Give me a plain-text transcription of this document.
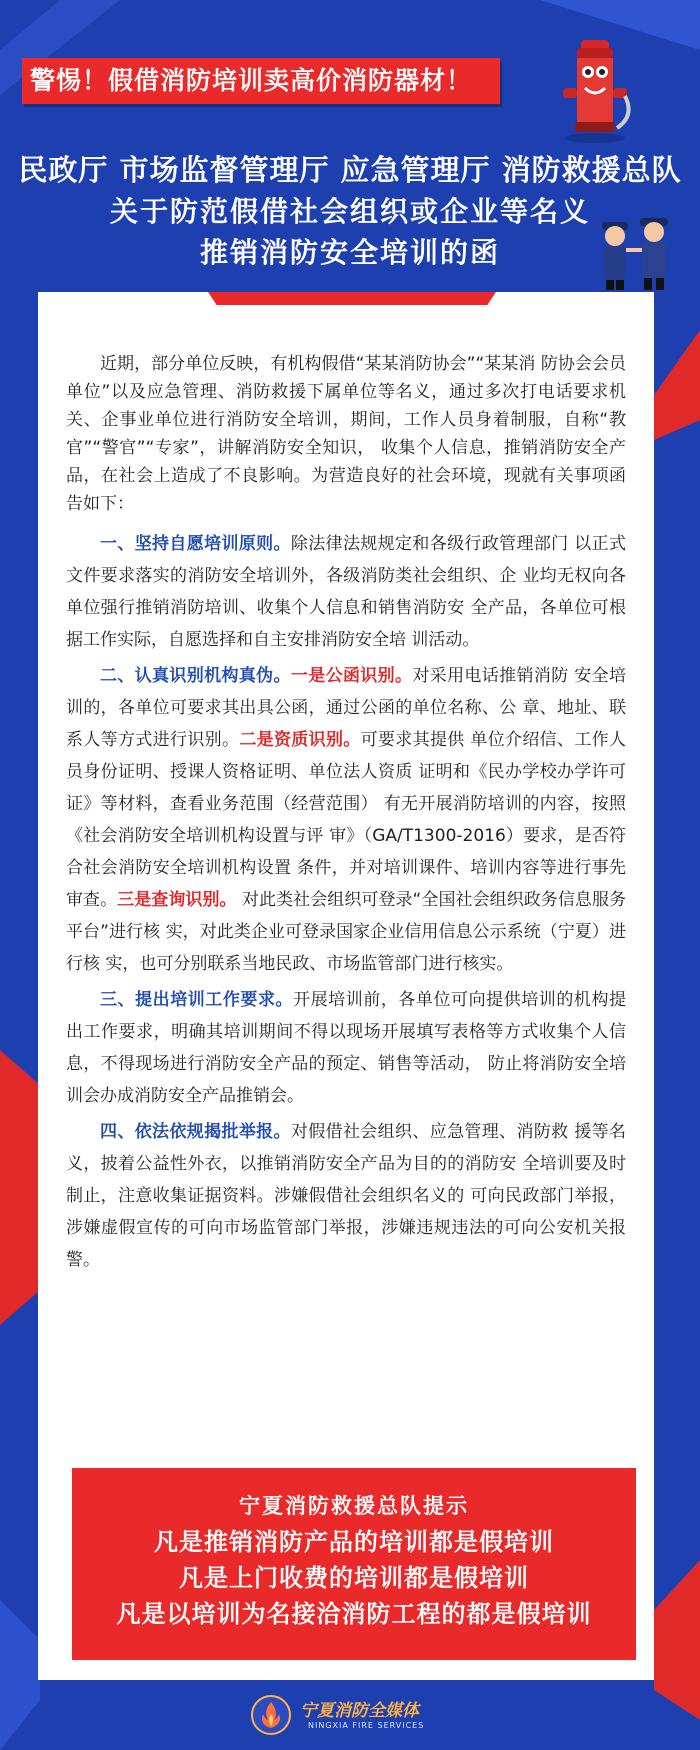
警惕！假借消防培训卖高价消防器材！
民政厅 市场监督管理厅 应急管理厅 消防救援总队
关于防范假借社会组织或企业等名义
推销消防安全培训的函

近期，部分单位反映，有机构假借“某某消防协会”“某某消 防协会会员单位”以及应急管理、消防救援下属单位等名义，通过多次打电话要求机关、企事业单位进行消防安全培训，期间，工作人员身着制服，自称“教官”“警官”“专家”，讲解消防安全知识， 收集个人信息，推销消防安全产品，在社会上造成了不良影响。为营造良好的社会环境，现就有关事项函告如下：

一、坚持自愿培训原则。除法律法规规定和各级行政管理部门 以正式文件要求落实的消防安全培训外，各级消防类社会组织、企 业均无权向各单位强行推销消防培训、收集个人信息和销售消防安 全产品，各单位可根据工作实际，自愿选择和自主安排消防安全培 训活动。

二、认真识别机构真伪。一是公函识别。对采用电话推销消防 安全培训的，各单位可要求其出具公函，通过公函的单位名称、公 章、地址、联系人等方式进行识别。二是资质识别。可要求其提供 单位介绍信、工作人员身份证明、授课人资格证明、单位法人资质 证明和《民办学校办学许可证》等材料，查看业务范围（经营范围） 有无开展消防培训的内容，按照《社会消防安全培训机构设置与评 审》（GA/T1300-2016）要求，是否符合社会消防安全培训机构设置 条件，并对培训课件、培训内容等进行事先审查。三是查询识别。 对此类社会组织可登录“全国社会组织政务信息服务平台”进行核 实，对此类企业可登录国家企业信用信息公示系统（宁夏）进行核 实，也可分别联系当地民政、市场监管部门进行核实。

三、提出培训工作要求。开展培训前，各单位可向提供培训的机构提出工作要求，明确其培训期间不得以现场开展填写表格等方式收集个人信息，不得现场进行消防安全产品的预定、销售等活动， 防止将消防安全培训会办成消防安全产品推销会。

四、依法依规揭批举报。对假借社会组织、应急管理、消防救 援等名义，披着公益性外衣，以推销消防安全产品为目的的消防安 全培训要及时制止，注意收集证据资料。涉嫌假借社会组织名义的 可向民政部门举报，涉嫌虚假宣传的可向市场监管部门举报，涉嫌违规违法的可向公安机关报警。

宁夏消防救援总队提示
凡是推销消防产品的培训都是假培训
凡是上门收费的培训都是假培训
凡是以培训为名接洽消防工程的都是假培训
宁夏消防全媒体
NINGXIA FIRE SERVICES
